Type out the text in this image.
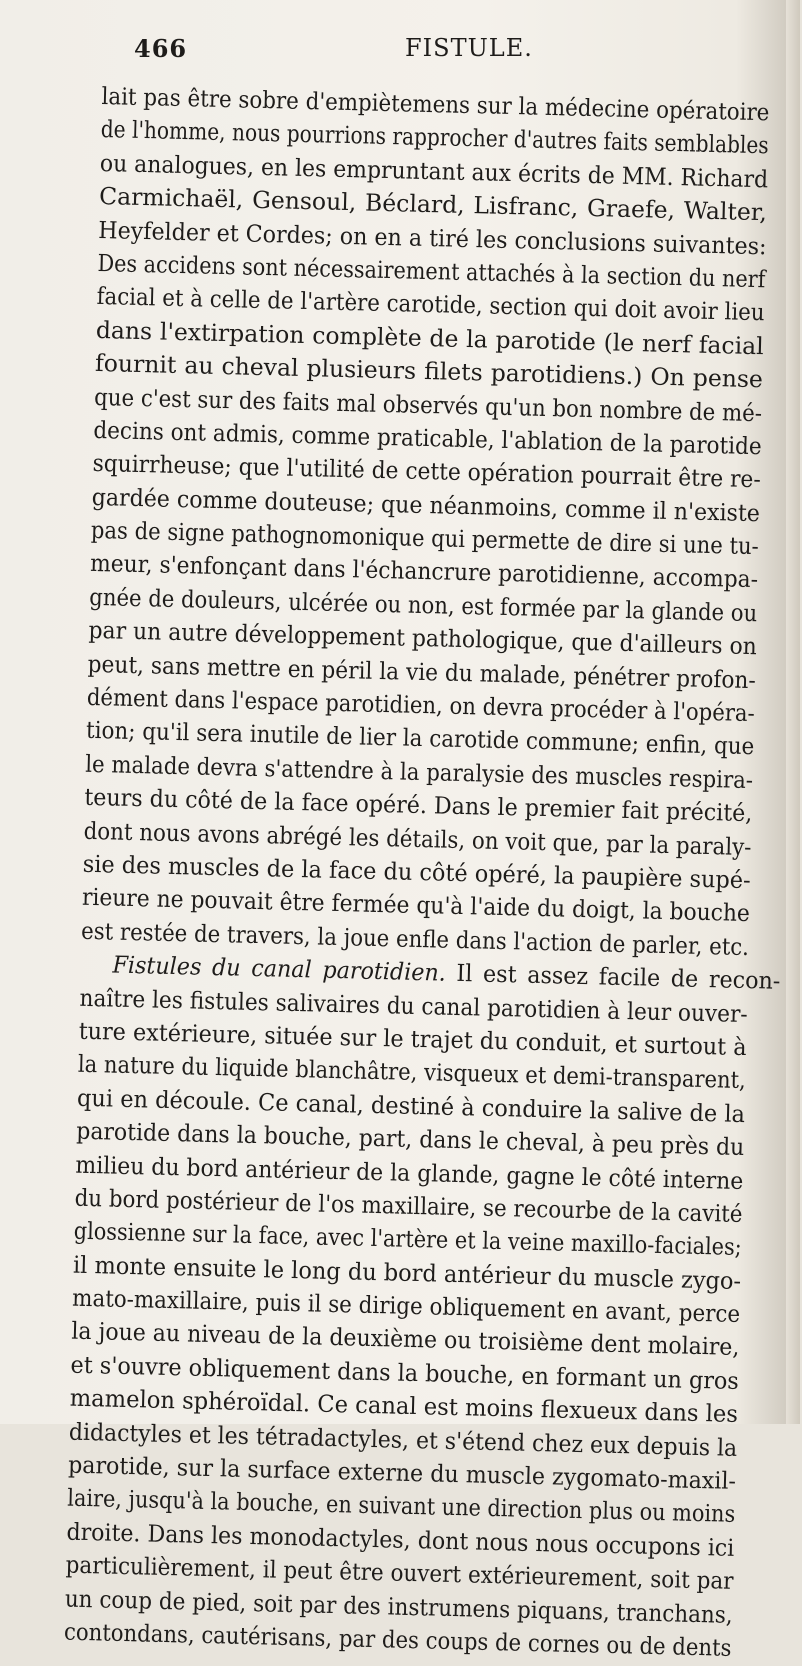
466	FISTULE.
lait pas être sobre d'empiètemens sur la médecine opératoire
de l'homme, nous pourrions rapprocher d'autres faits semblables
ou analogues, en les empruntant aux écrits de MM. Richard
Carmichaël, Gensoul, Béclard, Lisfranc, Graefe, Walter,
Heyfelder et Cordes; on en a tiré les conclusions suivantes:
Des accidens sont nécessairement attachés à la section du nerf
facial et à celle de l'artère carotide, section qui doit avoir lieu
dans l'extirpation complète de la parotide (le nerf facial
fournit au cheval plusieurs filets parotidiens.) On pense
que c'est sur des faits mal observés qu'un bon nombre de mé-
decins ont admis, comme praticable, l'ablation de la parotide
squirrheuse; que l'utilité de cette opération pourrait être re-
gardée comme douteuse; que néanmoins, comme il n'existe
pas de signe pathognomonique qui permette de dire si une tu-
meur, s'enfonçant dans l'échancrure parotidienne, accompa-
gnée de douleurs, ulcérée ou non, est formée par la glande ou
par un autre développement pathologique, que d'ailleurs on
peut, sans mettre en péril la vie du malade, pénétrer profon-
dément dans l'espace parotidien, on devra procéder à l'opéra-
tion; qu'il sera inutile de lier la carotide commune; enfin, que
le malade devra s'attendre à la paralysie des muscles respira-
teurs du côté de la face opéré. Dans le premier fait précité,
dont nous avons abrégé les détails, on voit que, par la paraly-
sie des muscles de la face du côté opéré, la paupière supé-
rieure ne pouvait être fermée qu'à l'aide du doigt, la bouche
est restée de travers, la joue enfle dans l'action de parler, etc.
Fistules du canal parotidien. Il est assez facile de recon-
naître les fistules salivaires du canal parotidien à leur ouver-
ture extérieure, située sur le trajet du conduit, et surtout à
la nature du liquide blanchâtre, visqueux et demi-transparent,
qui en découle. Ce canal, destiné à conduire la salive de la
parotide dans la bouche, part, dans le cheval, à peu près du
milieu du bord antérieur de la glande, gagne le côté interne
du bord postérieur de l'os maxillaire, se recourbe de la cavité
glossienne sur la face, avec l'artère et la veine maxillo-faciales;
il monte ensuite le long du bord antérieur du muscle zygo-
mato-maxillaire, puis il se dirige obliquement en avant, perce
la joue au niveau de la deuxième ou troisième dent molaire,
et s'ouvre obliquement dans la bouche, en formant un gros
mamelon sphéroïdal. Ce canal est moins flexueux dans les
didactyles et les tétradactyles, et s'étend chez eux depuis la
parotide, sur la surface externe du muscle zygomato-maxil-
laire, jusqu'à la bouche, en suivant une direction plus ou moins
droite. Dans les monodactyles, dont nous nous occupons ici
particulièrement, il peut être ouvert extérieurement, soit par
un coup de pied, soit par des instrumens piquans, tranchans,
contondans, cautérisans, par des coups de cornes ou de dents
